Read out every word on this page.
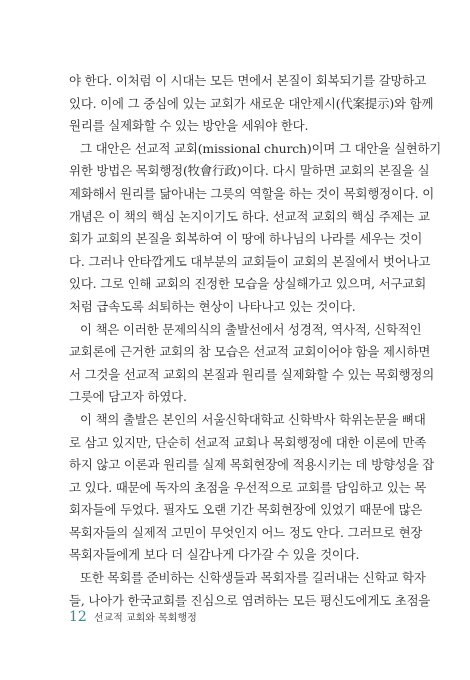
야 한다. 이처럼 이 시대는 모든 면에서 본질이 회복되기를 갈망하고
있다. 이에 그 중심에 있는 교회가 새로운 대안제시(代案提示)와 함께
원리를 실제화할 수 있는 방안을 세워야 한다.
그 대안은 선교적 교회(missional church)이며 그 대안을 실현하기
위한 방법은 목회행정(牧會行政)이다. 다시 말하면 교회의 본질을 실
제화해서 원리를 닮아내는 그릇의 역할을 하는 것이 목회행정이다. 이
개념은 이 책의 핵심 논지이기도 하다. 선교적 교회의 핵심 주제는 교
회가 교회의 본질을 회복하여 이 땅에 하나님의 나라를 세우는 것이
다. 그러나 안타깝게도 대부분의 교회들이 교회의 본질에서 벗어나고
있다. 그로 인해 교회의 진정한 모습을 상실해가고 있으며, 서구교회
처럼 급속도록 쇠퇴하는 현상이 나타나고 있는 것이다.
이 책은 이러한 문제의식의 출발선에서 성경적, 역사적, 신학적인
교회론에 근거한 교회의 참 모습은 선교적 교회이어야 함을 제시하면
서 그것을 선교적 교회의 본질과 원리를 실제화할 수 있는 목회행정의
그릇에 담고자 하였다.
이 책의 출발은 본인의 서울신학대학교 신학박사 학위논문을 뼈대
로 삼고 있지만, 단순히 선교적 교회나 목회행정에 대한 이론에 만족
하지 않고 이론과 원리를 실제 목회현장에 적용시키는 데 방향성을 잡
고 있다. 때문에 독자의 초점을 우선적으로 교회를 담임하고 있는 목
회자들에 두었다. 필자도 오랜 기간 목회현장에 있었기 때문에 많은
목회자들의 실제적 고민이 무엇인지 어느 정도 안다. 그러므로 현장
목회자들에게 보다 더 실감나게 다가갈 수 있을 것이다.
또한 목회를 준비하는 신학생들과 목회자를 길러내는 신학교 학자
들, 나아가 한국교회를 진심으로 염려하는 모든 평신도에게도 초점을
12 선교적 교회와 목회행정
